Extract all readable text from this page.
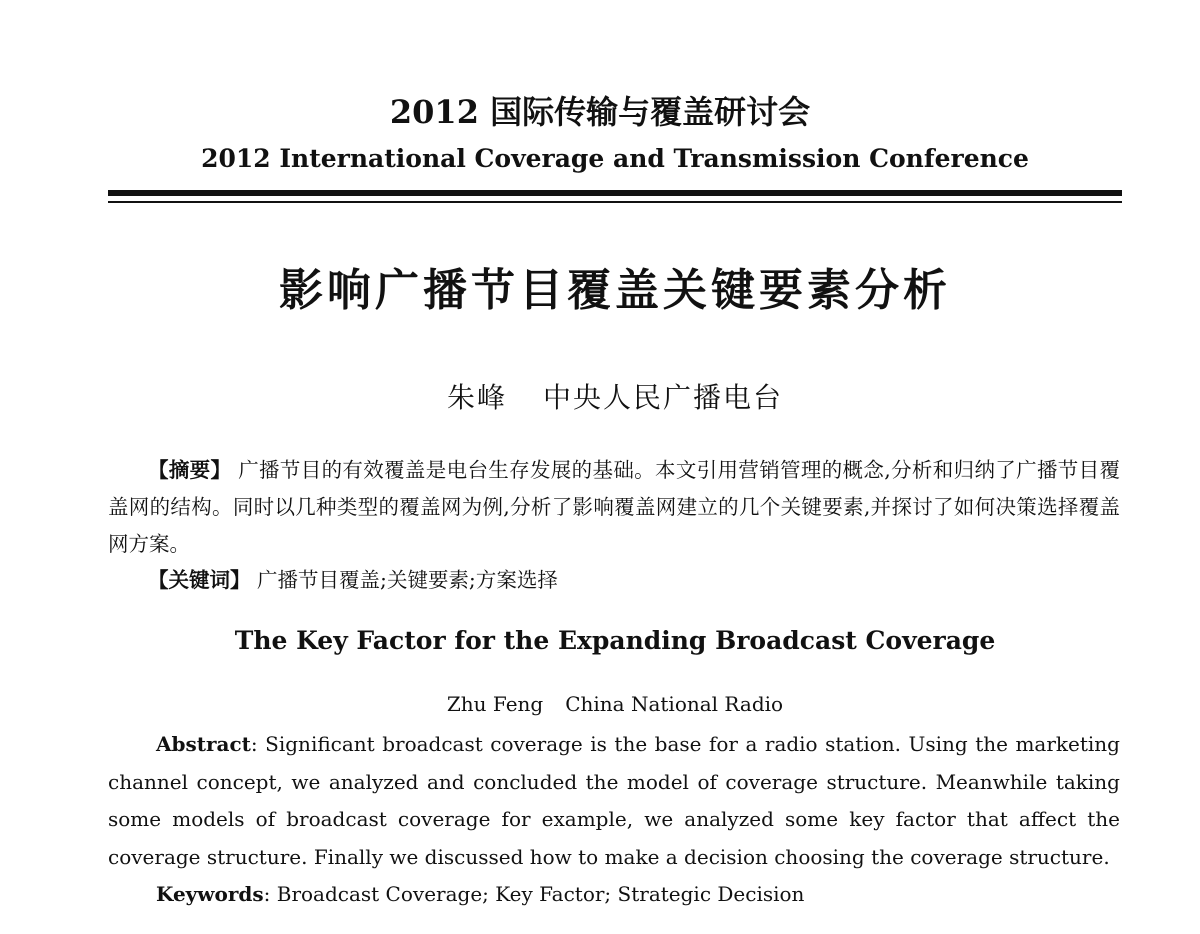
2012 国际传输与覆盖研讨会
2012 International Coverage and Transmission Conference
影响广播节目覆盖关键要素分析
朱峰 中央人民广播电台
【摘要】 广播节目的有效覆盖是电台生存发展的基础。本文引用营销管理的概念,分析和归纳了广播节目覆盖网的结构。同时以几种类型的覆盖网为例,分析了影响覆盖网建立的几个关键要素,并探讨了如何决策选择覆盖网方案。
【关键词】 广播节目覆盖;关键要素;方案选择
The Key Factor for the Expanding Broadcast Coverage
Zhu Feng China National Radio
Abstract: Significant broadcast coverage is the base for a radio station. Using the marketing channel concept, we analyzed and concluded the model of coverage structure. Meanwhile taking some models of broadcast coverage for example, we analyzed some key factor that affect the coverage structure. Finally we discussed how to make a decision choosing the coverage structure.
Keywords: Broadcast Coverage; Key Factor; Strategic Decision
